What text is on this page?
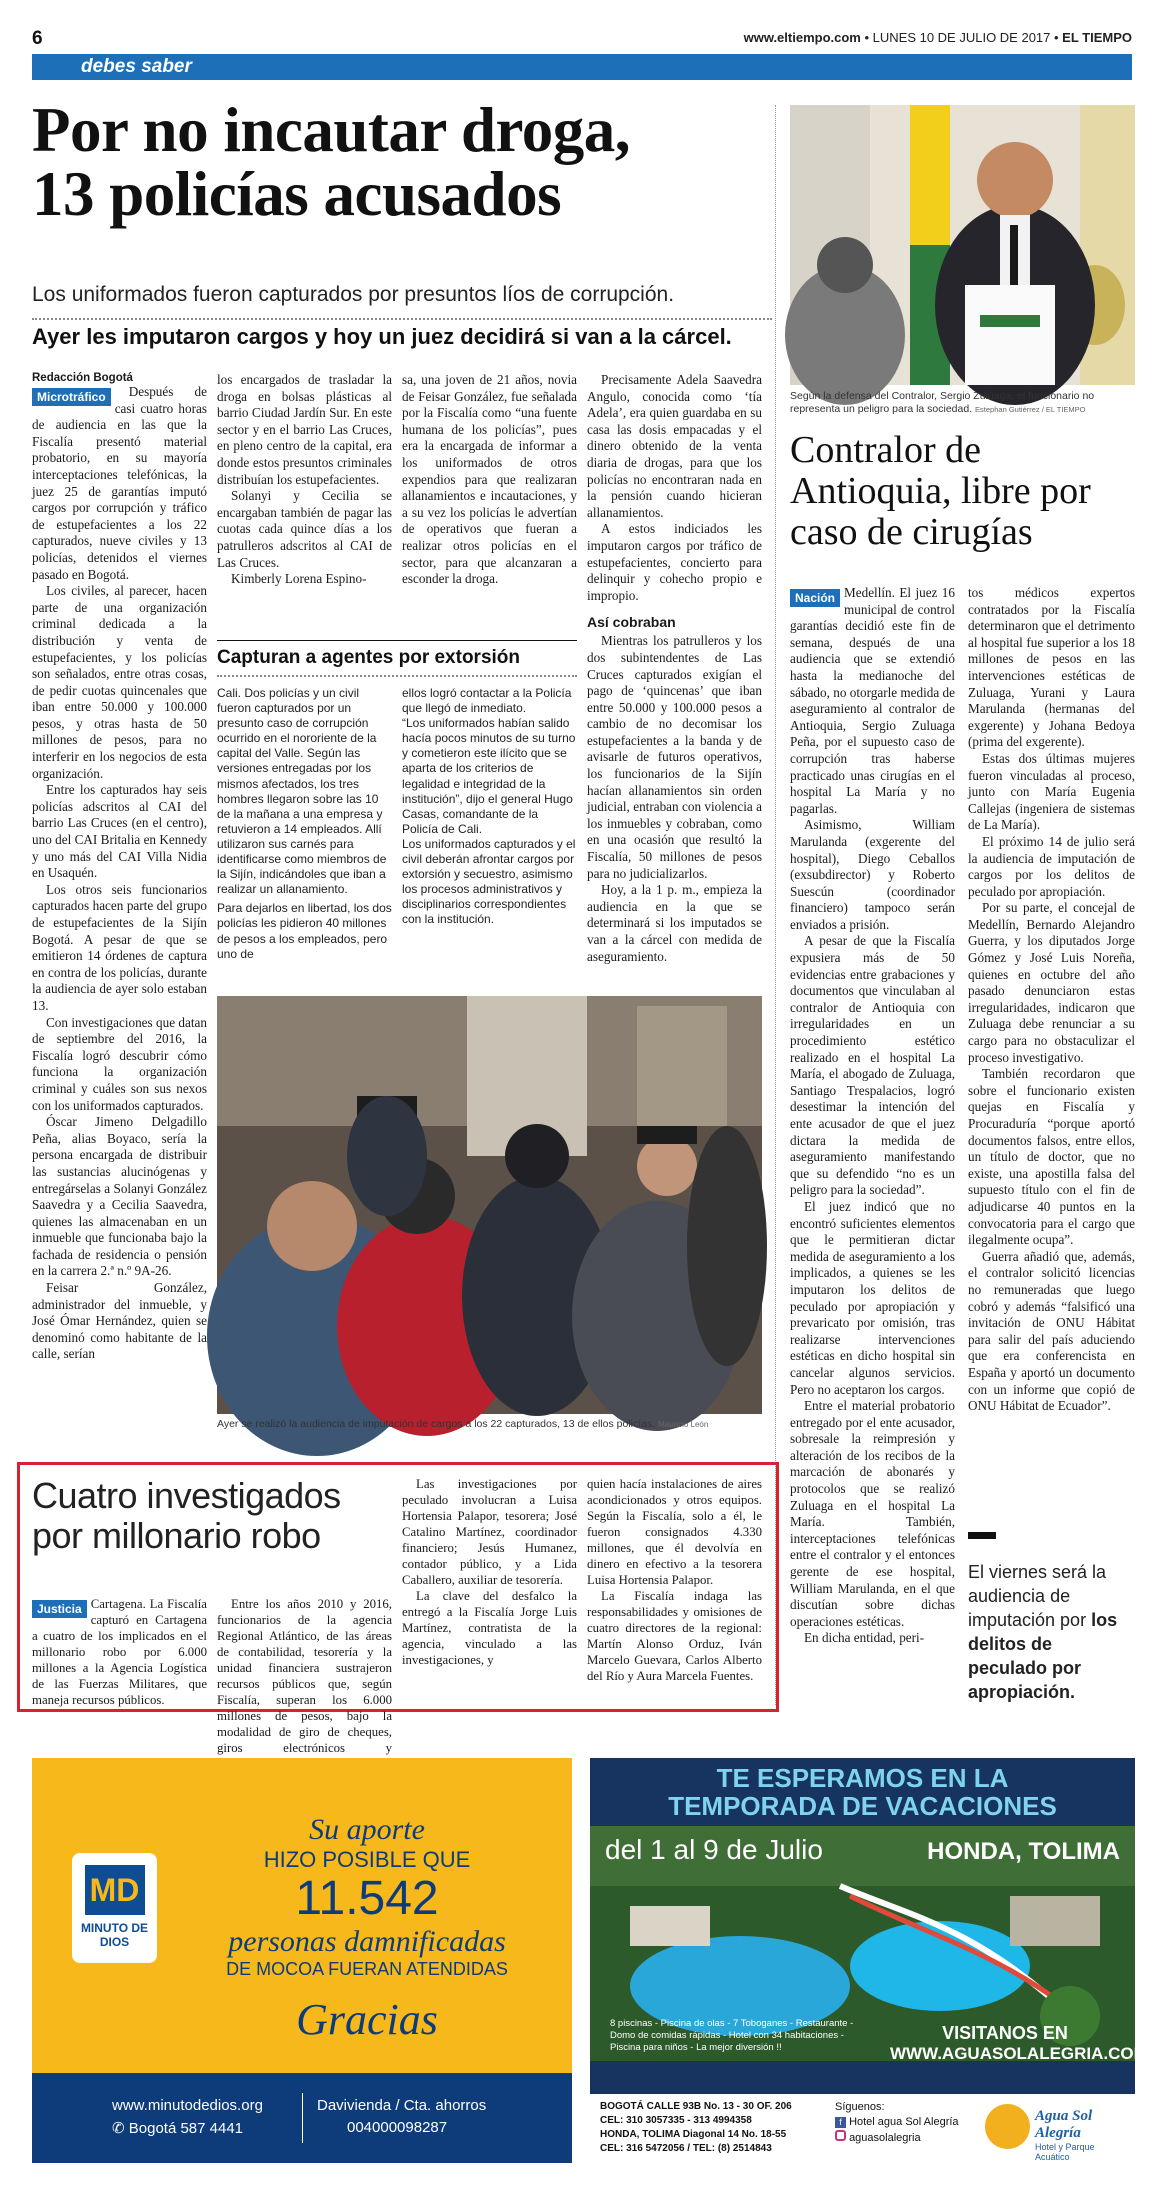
6	www.eltiempo.com • LUNES 10 DE JULIO DE 2017 • EL TIEMPO
debes saber
Por no incautar droga,
13 policías acusados
Los uniformados fueron capturados por presuntos líos de corrupción.
Ayer les imputaron cargos y hoy un juez decidirá si van a la cárcel.
Redacción Bogotá
Microtráfico	Después de casi cuatro horas de audiencia en las que la Fiscalía presentó material probatorio, en su mayoría interceptaciones telefónicas, la juez 25 de garantías imputó cargos por corrupción y tráfico de estupefacientes a los 22 capturados, nueve civiles y 13 policías, detenidos el viernes pasado en Bogotá.

Los civiles, al parecer, hacen parte de una organización criminal dedicada a la distribución y venta de estupefacientes, y los policías son señalados, entre otras cosas, de pedir cuotas quincenales que iban entre 50.000 y 100.000 pesos, y otras hasta de 50 millones de pesos, para no interferir en los negocios de esta organización.

Entre los capturados hay seis policías adscritos al CAI del barrio Las Cruces (en el centro), uno del CAI Britalia en Kennedy y uno más del CAI Villa Nidia en Usaquén.

Los otros seis funcionarios capturados hacen parte del grupo de estupefacientes de la Sijín Bogotá. A pesar de que se emitieron 14 órdenes de captura en contra de los policías, durante la audiencia de ayer solo estaban 13.

Con investigaciones que datan de septiembre del 2016, la Fiscalía logró descubrir cómo funciona la organización criminal y cuáles son sus nexos con los uniformados capturados.

Óscar Jimeno Delgadillo Peña, alias Boyaco, sería la persona encargada de distribuir las sustancias alucinógenas y entregárselas a Solanyi González Saavedra y a Cecilia Saavedra, quienes las almacenaban en un inmueble que funcionaba bajo la fachada de residencia o pensión en la carrera 2.ª n.º 9A-26.

Feisar González, administrador del inmueble, y José Ómar Hernández, quien se denominó como habitante de la calle, serían

los encargados de trasladar la droga en bolsas plásticas al barrio Ciudad Jardín Sur. En este sector y en el barrio Las Cruces, en pleno centro de la capital, era donde estos presuntos criminales distribuían los estupefacientes.

Solanyi y Cecilia se encargaban también de pagar las cuotas cada quince días a los patrulleros adscritos al CAI de Las Cruces.

Kimberly Lorena Espino-

sa, una joven de 21 años, novia de Feisar González, fue señalada por la Fiscalía como “una fuente humana de los policías”, pues era la encargada de informar a los uniformados de otros expendios para que realizaran allanamientos e incautaciones, y a su vez los policías le advertían de operativos que fueran a realizar otros policías en el sector, para que alcanzaran a esconder la droga.

Precisamente Adela Saavedra Angulo, conocida como ‘tía Adela’, era quien guardaba en su casa las dosis empacadas y el dinero obtenido de la venta diaria de drogas, para que los policías no encontraran nada en la pensión cuando hicieran allanamientos.

A estos indiciados les imputaron cargos por tráfico de estupefacientes, concierto para delinquir y cohecho propio e impropio.

Así cobraban

Mientras los patrulleros y los dos subintendentes de Las Cruces capturados exigían el pago de ‘quincenas’ que iban entre 50.000 y 100.000 pesos a cambio de no decomisar los estupefacientes a la banda y de avisarle de futuros operativos, los funcionarios de la Sijín hacían allanamientos sin orden judicial, entraban con violencia a los inmuebles y cobraban, como en una ocasión que resultó la Fiscalía, 50 millones de pesos para no judicializarlos.

Hoy, a la 1 p. m., empieza la audiencia en la que se determinará si los imputados se van a la cárcel con medida de aseguramiento.

Capturan a agentes por extorsión
Cali. Dos policías y un civil fueron capturados por un presunto caso de corrupción ocurrido en el nororiente de la capital del Valle. Según las versiones entregadas por los mismos afectados, los tres hombres llegaron sobre las 10 de la mañana a una empresa y retuvieron a 14 empleados. Allí utilizaron sus carnés para identificarse como miembros de la Sijín, indicándoles que iban a realizar un allanamiento.
Para dejarlos en libertad, los dos policías les pidieron 40 millones de pesos a los empleados, pero uno de
ellos logró contactar a la Policía que llegó de inmediato.
“Los uniformados habían salido hacía pocos minutos de su turno y cometieron este ilícito que se aparta de los criterios de legalidad e integridad de la institución”, dijo el general Hugo Casas, comandante de la Policía de Cali.
Los uniformados capturados y el civil deberán afrontar cargos por extorsión y secuestro, asimismo los procesos administrativos y disciplinarios correspondientes con la institución.
Ayer se realizó la audiencia de imputación de cargos a los 22 capturados, 13 de ellos policías. Mauricio León
Según la defensa del Contralor, Sergio Zuluaga, el funcionario no representa un peligro para la sociedad. Estephan Gutiérrez / EL TIEMPO
Contralor de Antioquia, libre por caso de cirugías

Nación Medellín. El juez 16 municipal de control garantías decidió este fin de semana, después de una audiencia que se extendió hasta la medianoche del sábado, no otorgarle medida de aseguramiento al contralor de Antioquia, Sergio Zuluaga Peña, por el supuesto caso de corrupción tras haberse practicado unas cirugías en el hospital La María y no pagarlas.

Asimismo, William Marulanda (exgerente del hospital), Diego Ceballos (exsubdirector) y Roberto Suescún (coordinador financiero) tampoco serán enviados a prisión.

A pesar de que la Fiscalía expusiera más de 50 evidencias entre grabaciones y documentos que vinculaban al contralor de Antioquia con irregularidades en un procedimiento estético realizado en el hospital La María, el abogado de Zuluaga, Santiago Trespalacios, logró desestimar la intención del ente acusador de que el juez dictara la medida de aseguramiento manifestando que su defendido “no es un peligro para la sociedad”.

El juez indicó que no encontró suficientes elementos que le permitieran dictar medida de aseguramiento a los implicados, a quienes se les imputaron los delitos de peculado por apropiación y prevaricato por omisión, tras realizarse intervenciones estéticas en dicho hospital sin cancelar algunos servicios. Pero no aceptaron los cargos.

Entre el material probatorio entregado por el ente acusador, sobresale la reimpresión y alteración de los recibos de la marcación de abonarés y protocolos que se realizó Zuluaga en el hospital La María. También, interceptaciones telefónicas entre el contralor y el entonces gerente de ese hospital, William Marulanda, en el que discutían sobre dichas operaciones estéticas.

En dicha entidad, peri-

tos médicos expertos contratados por la Fiscalía determinaron que el detrimento al hospital fue superior a los 18 millones de pesos en las intervenciones estéticas de Zuluaga, Yurani y Laura Marulanda (hermanas del exgerente) y Johana Bedoya (prima del exgerente).

Estas dos últimas mujeres fueron vinculadas al proceso, junto con María Eugenia Callejas (ingeniera de sistemas de La María).

El próximo 14 de julio será la audiencia de imputación de cargos por los delitos de peculado por apropiación.

Por su parte, el concejal de Medellín, Bernardo Alejandro Guerra, y los diputados Jorge Gómez y José Luis Noreña, quienes en octubre del año pasado denunciaron estas irregularidades, indicaron que Zuluaga debe renunciar a su cargo para no obstaculizar el proceso investigativo.

También recordaron que sobre el funcionario existen quejas en Fiscalía y Procuraduría “porque aportó documentos falsos, entre ellos, un título de doctor, que no existe, una apostilla falsa del supuesto título con el fin de adjudicarse 40 puntos en la convocatoria para el cargo que ilegalmente ocupa”.

Guerra añadió que, además, el contralor solicitó licencias no remuneradas que luego cobró y además “falsificó una invitación de ONU Hábitat para salir del país aduciendo que era conferencista en España y aportó un documento con un informe que copió de ONU Hábitat de Ecuador”.

El viernes será la audiencia de imputación por los delitos de peculado por apropiación.
Cuatro investigados por millonario robo

Justicia Cartagena. La Fiscalía capturó en Cartagena a cuatro de los implicados en el millonario robo por 6.000 millones a la Agencia Logística de las Fuerzas Militares, que maneja recursos públicos.

Entre los años 2010 y 2016, funcionarios de la agencia Regional Atlántico, de las áreas de contabilidad, tesorería y la unidad financiera sustrajeron recursos públicos que, según Fiscalía, superan los 6.000 millones de pesos, bajo la modalidad de giro de cheques, giros electrónicos y

Las investigaciones por peculado involucran a Luisa Hortensia Palapor, tesorera; José Catalino Martínez, coordinador financiero; Jesús Humanez, contador público, y a Lida Caballero, auxiliar de tesorería.

La clave del desfalco la entregó a la Fiscalía Jorge Luis Martínez, contratista de la agencia, vinculado a las investigaciones, y

quien hacía instalaciones de aires acondicionados y otros equipos. Según la Fiscalía, solo a él, le fueron consignados 4.330 millones, que él devolvía en dinero en efectivo a la tesorera Luisa Hortensia Palapor.

La Fiscalía indaga las responsabilidades y omisiones de cuatro directores de la regional: Martín Alonso Orduz, Iván Marcelo Guevara, Carlos Alberto del Río y Aura Marcela Fuentes.

MD
MINUTO DE DIOS
Su aporte
HIZO POSIBLE QUE
11.542
personas damnificadas
DE MOCOA FUERAN ATENDIDAS
Gracias
www.minutodedios.org
✆ Bogotá 587 4441
Davivienda / Cta. ahorros
004000098287
TE ESPERAMOS EN LA
TEMPORADA DE VACACIONES
del 1 al 9 de Julio	HONDA, TOLIMA
8 piscinas - Piscina de olas - 7 Toboganes - Restaurante -
Domo de comidas rápidas - Hotel con 34 habitaciones -
Piscina para niños - La mejor diversión !!
VISITANOS EN
WWW.AGUASOLALEGRIA.COM
BOGOTÁ CALLE 93B No. 13 - 30 OF. 206
CEL: 310 3057335 - 313 4994358
HONDA, TOLIMA Diagonal 14 No. 18-55
CEL: 316 5472056 / TEL: (8) 2514843
Síguenos:
f Hotel agua Sol Alegría
aguasolalegria
Agua Sol Alegría
Hotel y Parque Acuático
